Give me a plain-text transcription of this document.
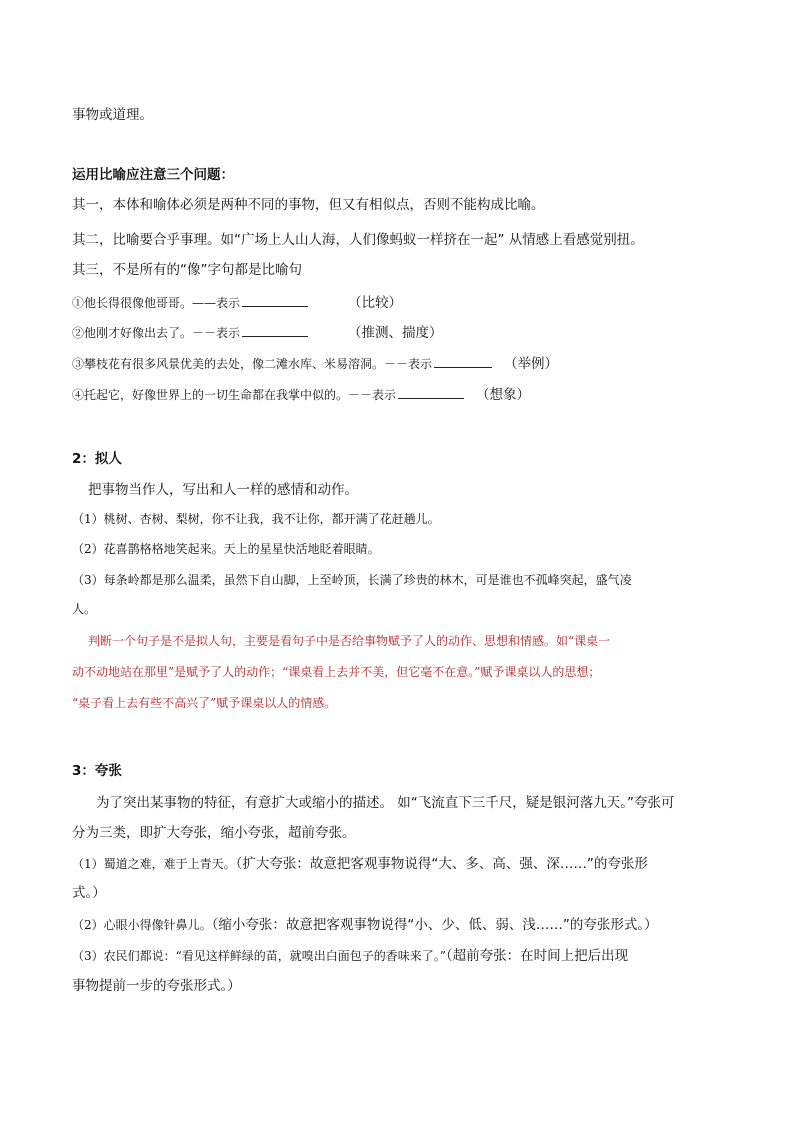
事物或道理。
运用比喻应注意三个问题：
其一，本体和喻体必须是两种不同的事物，但又有相似点，否则不能构成比喻。
其二，比喻要合乎事理。如“广场上人山人海，人们像蚂蚁一样挤在一起” 从情感上看感觉别扭。
其三，不是所有的“像”字句都是比喻句
①他长得很像他哥哥。——表示	（比较）
②他刚才好像出去了。－－表示	（推测、揣度）
③攀枝花有很多风景优美的去处，像二滩水库、米易溶洞。－－表示	（举例）
④托起它，好像世界上的一切生命都在我掌中似的。－－表示	（想象）
2：拟人
把事物当作人，写出和人一样的感情和动作。
（1）桃树、杏树、梨树，你不让我，我不让你，都开满了花赶趟儿。
（2）花喜鹊格格地笑起来。天上的星星快活地眨着眼睛。
（3）每条岭都是那么温柔，虽然下自山脚，上至岭顶，长满了珍贵的林木，可是谁也不孤峰突起，盛气凌
人。
判断一个句子是不是拟人句，主要是看句子中是否给事物赋予了人的动作、思想和情感。如“课桌一
动不动地站在那里”是赋予了人的动作；“课桌看上去并不美，但它毫不在意。”赋予课桌以人的思想；
“桌子看上去有些不高兴了”赋予课桌以人的情感。
3：夸张
为了突出某事物的特征，有意扩大或缩小的描述。 如“飞流直下三千尺，疑是银河落九天。”夸张可
分为三类，即扩大夸张，缩小夸张，超前夸张。
（1）蜀道之难，难于上青天。（扩大夸张：故意把客观事物说得“大、多、高、强、深……”的夸张形
式。）
（2）心眼小得像针鼻儿。（缩小夸张：故意把客观事物说得“小、少、低、弱、浅……”的夸张形式。）
（3）农民们都说：“看见这样鲜绿的苗，就嗅出白面包子的香味来了。”（超前夸张：在时间上把后出现
事物提前一步的夸张形式。）
